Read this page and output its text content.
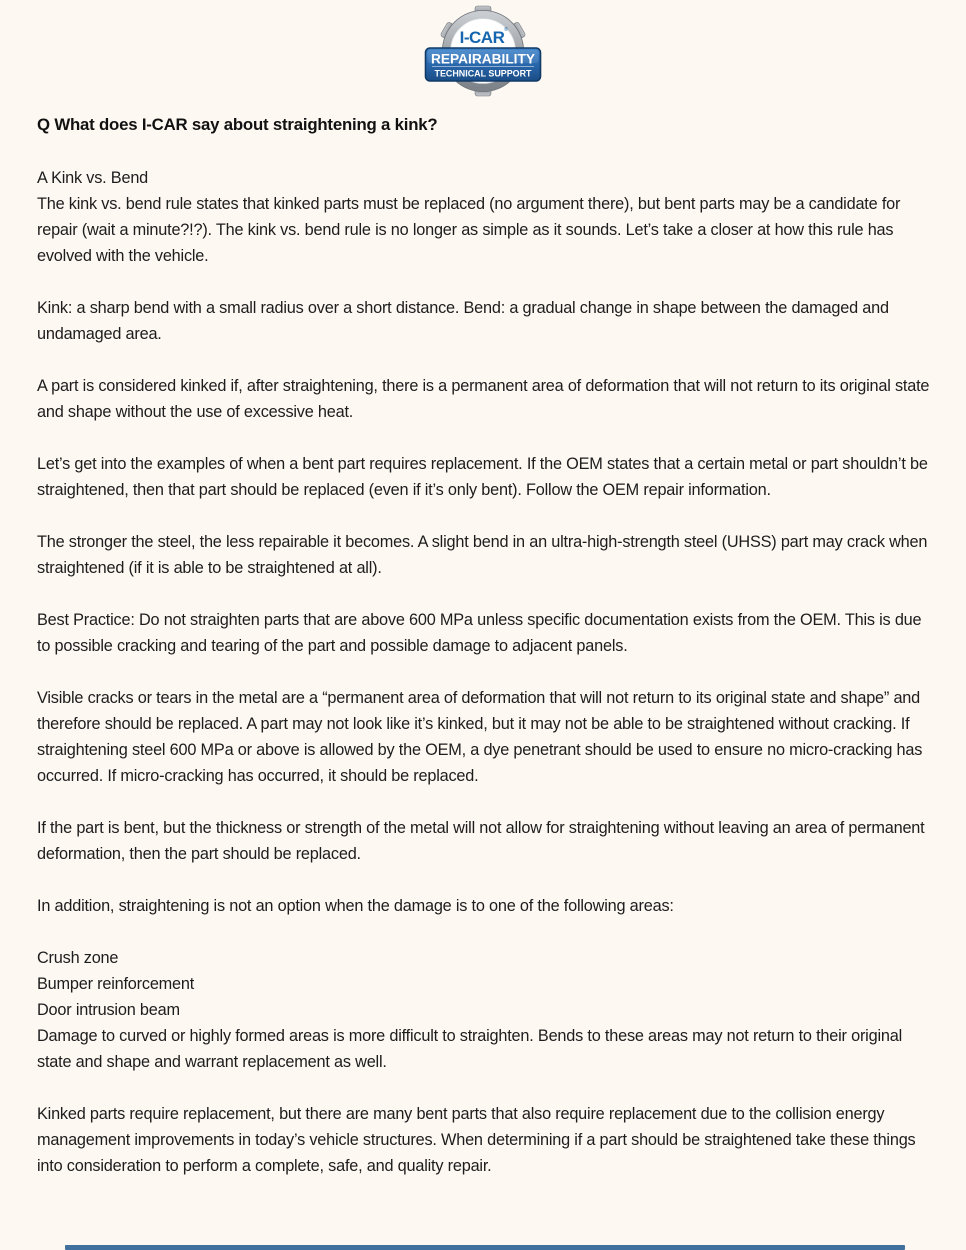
I-CAR ®
REPAIRABILITY
TECHNICAL SUPPORT
Q What does I-CAR say about straightening a kink?

A Kink vs. Bend
The kink vs. bend rule states that kinked parts must be replaced (no argument there), but bent parts may be a candidate for repair (wait a minute?!?). The kink vs. bend rule is no longer as simple as it sounds. Let’s take a closer at how this rule has evolved with the vehicle.

Kink: a sharp bend with a small radius over a short distance. Bend: a gradual change in shape between the damaged and undamaged area.

A part is considered kinked if, after straightening, there is a permanent area of deformation that will not return to its original state and shape without the use of excessive heat.

Let’s get into the examples of when a bent part requires replacement. If the OEM states that a certain metal or part shouldn’t be straightened, then that part should be replaced (even if it’s only bent). Follow the OEM repair information.

The stronger the steel, the less repairable it becomes. A slight bend in an ultra-high-strength steel (UHSS) part may crack when straightened (if it is able to be straightened at all).

Best Practice: Do not straighten parts that are above 600 MPa unless specific documentation exists from the OEM. This is due to possible cracking and tearing of the part and possible damage to adjacent panels.

Visible cracks or tears in the metal are a “permanent area of deformation that will not return to its original state and shape” and therefore should be replaced. A part may not look like it’s kinked, but it may not be able to be straightened without cracking. If straightening steel 600 MPa or above is allowed by the OEM, a dye penetrant should be used to ensure no micro-cracking has occurred. If micro-cracking has occurred, it should be replaced.

If the part is bent, but the thickness or strength of the metal will not allow for straightening without leaving an area of permanent deformation, then the part should be replaced.

In addition, straightening is not an option when the damage is to one of the following areas:

Crush zone
Bumper reinforcement
Door intrusion beam
Damage to curved or highly formed areas is more difficult to straighten. Bends to these areas may not return to their original state and shape and warrant replacement as well.

Kinked parts require replacement, but there are many bent parts that also require replacement due to the collision energy management improvements in today’s vehicle structures. When determining if a part should be straightened take these things into consideration to perform a complete, safe, and quality repair.
